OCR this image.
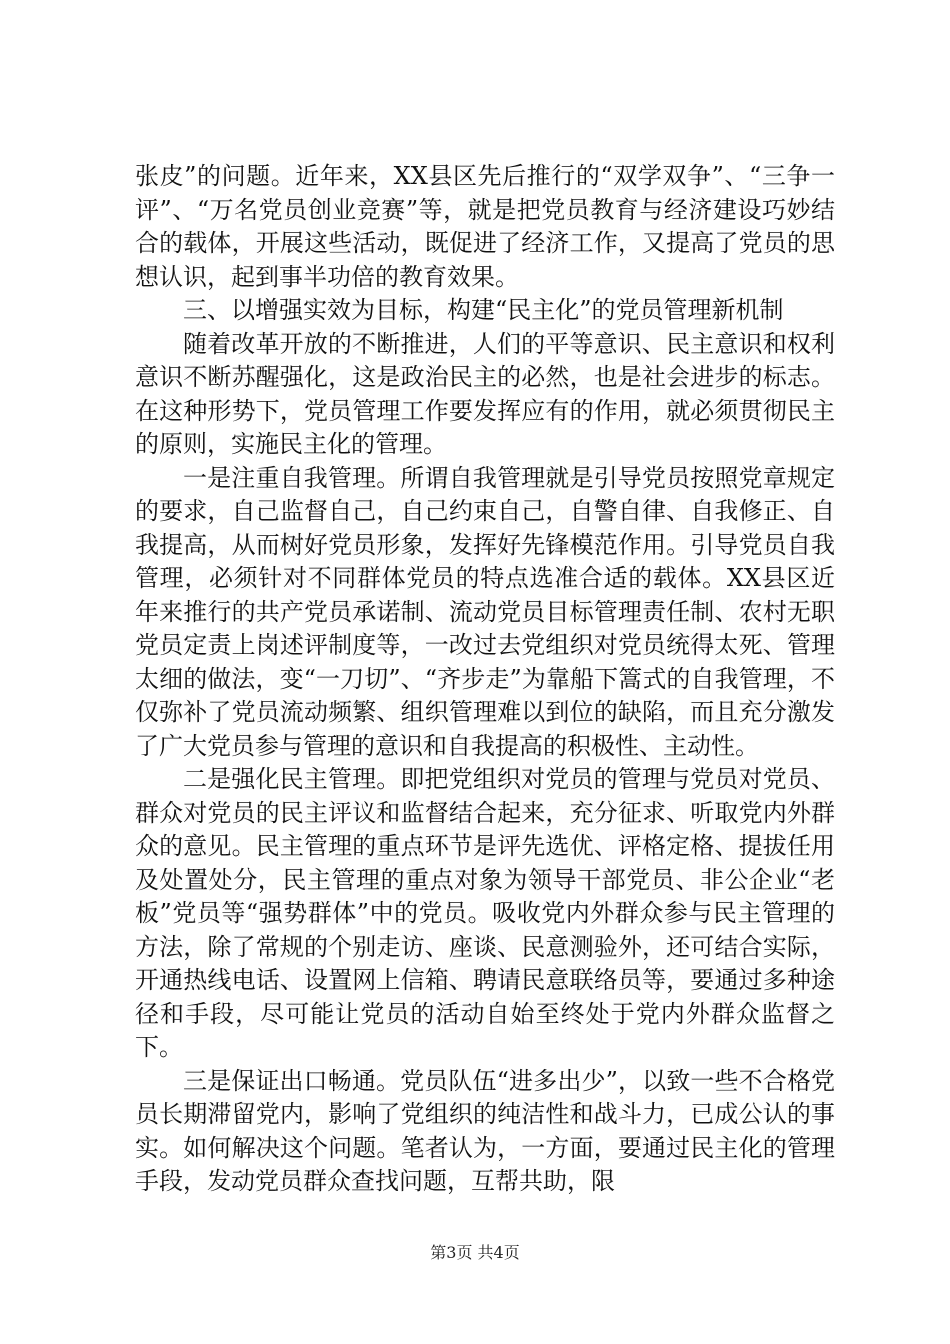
张皮”的问题。近年来，XX县区先后推行的“双学双争”、“三争一评”、“万名党员创业竞赛”等，就是把党员教育与经济建设巧妙结合的载体，开展这些活动，既促进了经济工作，又提高了党员的思想认识，起到事半功倍的教育效果。

三、以增强实效为目标，构建“民主化”的党员管理新机制

随着改革开放的不断推进，人们的平等意识、民主意识和权利意识不断苏醒强化，这是政治民主的必然，也是社会进步的标志。在这种形势下，党员管理工作要发挥应有的作用，就必须贯彻民主的原则，实施民主化的管理。

一是注重自我管理。所谓自我管理就是引导党员按照党章规定的要求，自己监督自己，自己约束自己，自警自律、自我修正、自我提高，从而树好党员形象，发挥好先锋模范作用。引导党员自我管理，必须针对不同群体党员的特点选准合适的载体。XX县区近年来推行的共产党员承诺制、流动党员目标管理责任制、农村无职党员定责上岗述评制度等，一改过去党组织对党员统得太死、管理太细的做法，变“一刀切”、“齐步走”为靠船下篙式的自我管理，不仅弥补了党员流动频繁、组织管理难以到位的缺陷，而且充分激发了广大党员参与管理的意识和自我提高的积极性、主动性。

二是强化民主管理。即把党组织对党员的管理与党员对党员、群众对党员的民主评议和监督结合起来，充分征求、听取党内外群众的意见。民主管理的重点环节是评先选优、评格定格、提拔任用及处置处分，民主管理的重点对象为领导干部党员、非公企业“老板”党员等“强势群体”中的党员。吸收党内外群众参与民主管理的方法，除了常规的个别走访、座谈、民意测验外，还可结合实际，开通热线电话、设置网上信箱、聘请民意联络员等，要通过多种途径和手段，尽可能让党员的活动自始至终处于党内外群众监督之下。

三是保证出口畅通。党员队伍“进多出少”，以致一些不合格党员长期滞留党内，影响了党组织的纯洁性和战斗力，已成公认的事实。如何解决这个问题。笔者认为，一方面，要通过民主化的管理手段，发动党员群众查找问题，互帮共助，限

第3页 共4页
